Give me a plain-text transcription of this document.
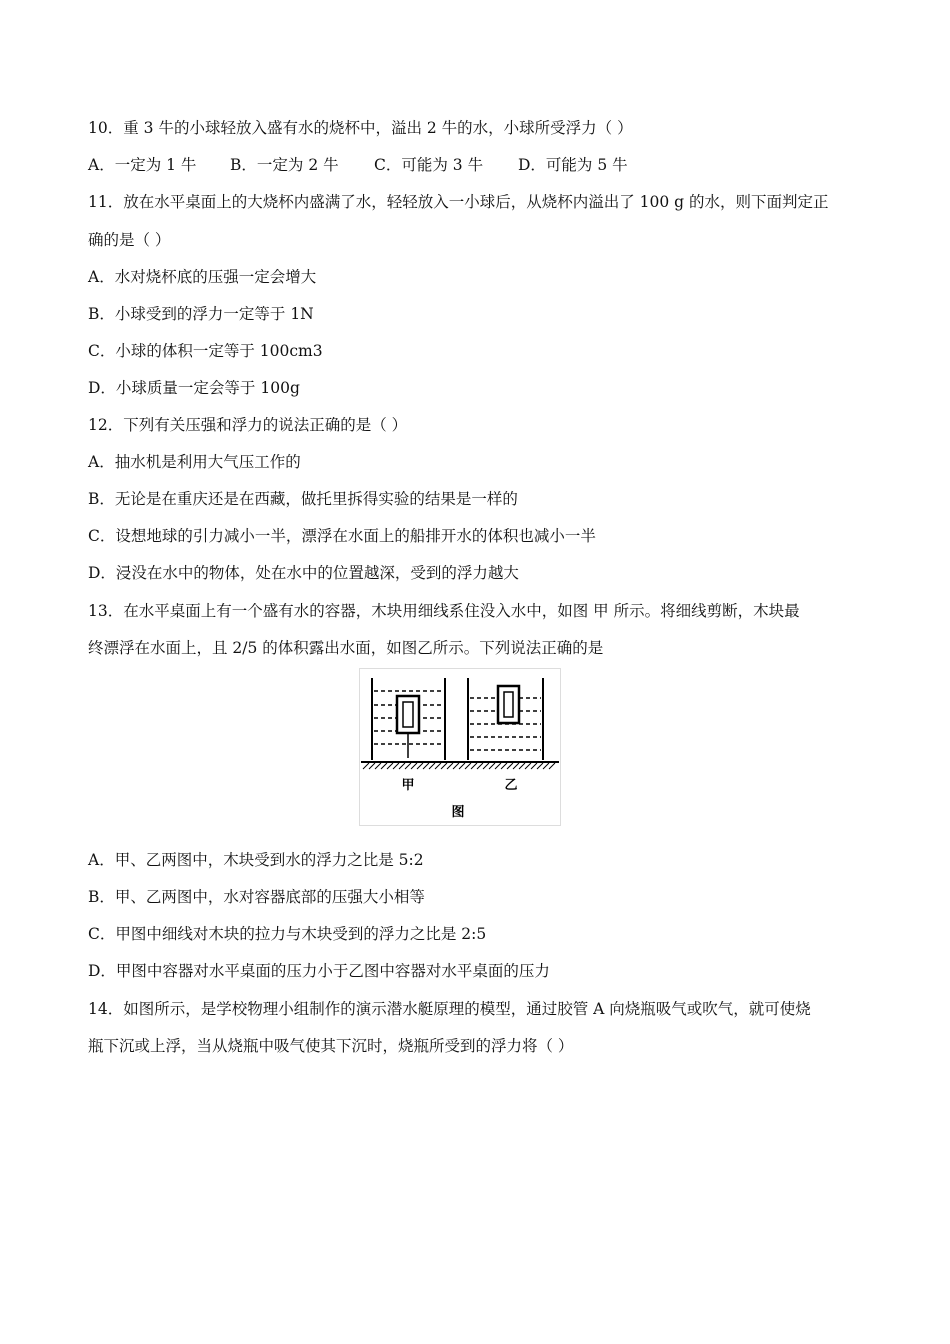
10．重 3 牛的小球轻放入盛有水的烧杯中，溢出 2 牛的水，小球所受浮力（ ）
A．一定为 1 牛 B．一定为 2 牛 C．可能为 3 牛 D．可能为 5 牛
11．放在水平桌面上的大烧杯内盛满了水，轻轻放入一小球后，从烧杯内溢出了 100 g 的水，则下面判定正
确的是（ ）
A．水对烧杯底的压强一定会增大
B．小球受到的浮力一定等于 1N
C．小球的体积一定等于 100cm3
D．小球质量一定会等于 100g
12．下列有关压强和浮力的说法正确的是（ ）
A．抽水机是利用大气压工作的
B．无论是在重庆还是在西藏，做托里拆得实验的结果是一样的
C．设想地球的引力减小一半，漂浮在水面上的船排开水的体积也减小一半
D．浸没在水中的物体，处在水中的位置越深，受到的浮力越大
13．在水平桌面上有一个盛有水的容器，木块用细线系住没入水中，如图 甲 所示。将细线剪断，木块最
终漂浮在水面上，且 2/5 的体积露出水面，如图乙所示。下列说法正确的是
甲	乙
图
A．甲、乙两图中，木块受到水的浮力之比是 5:2
B．甲、乙两图中，水对容器底部的压强大小相等
C．甲图中细线对木块的拉力与木块受到的浮力之比是 2:5
D．甲图中容器对水平桌面的压力小于乙图中容器对水平桌面的压力
14．如图所示，是学校物理小组制作的演示潜水艇原理的模型，通过胶管 A 向烧瓶吸气或吹气，就可使烧
瓶下沉或上浮，当从烧瓶中吸气使其下沉时，烧瓶所受到的浮力将（ ）
